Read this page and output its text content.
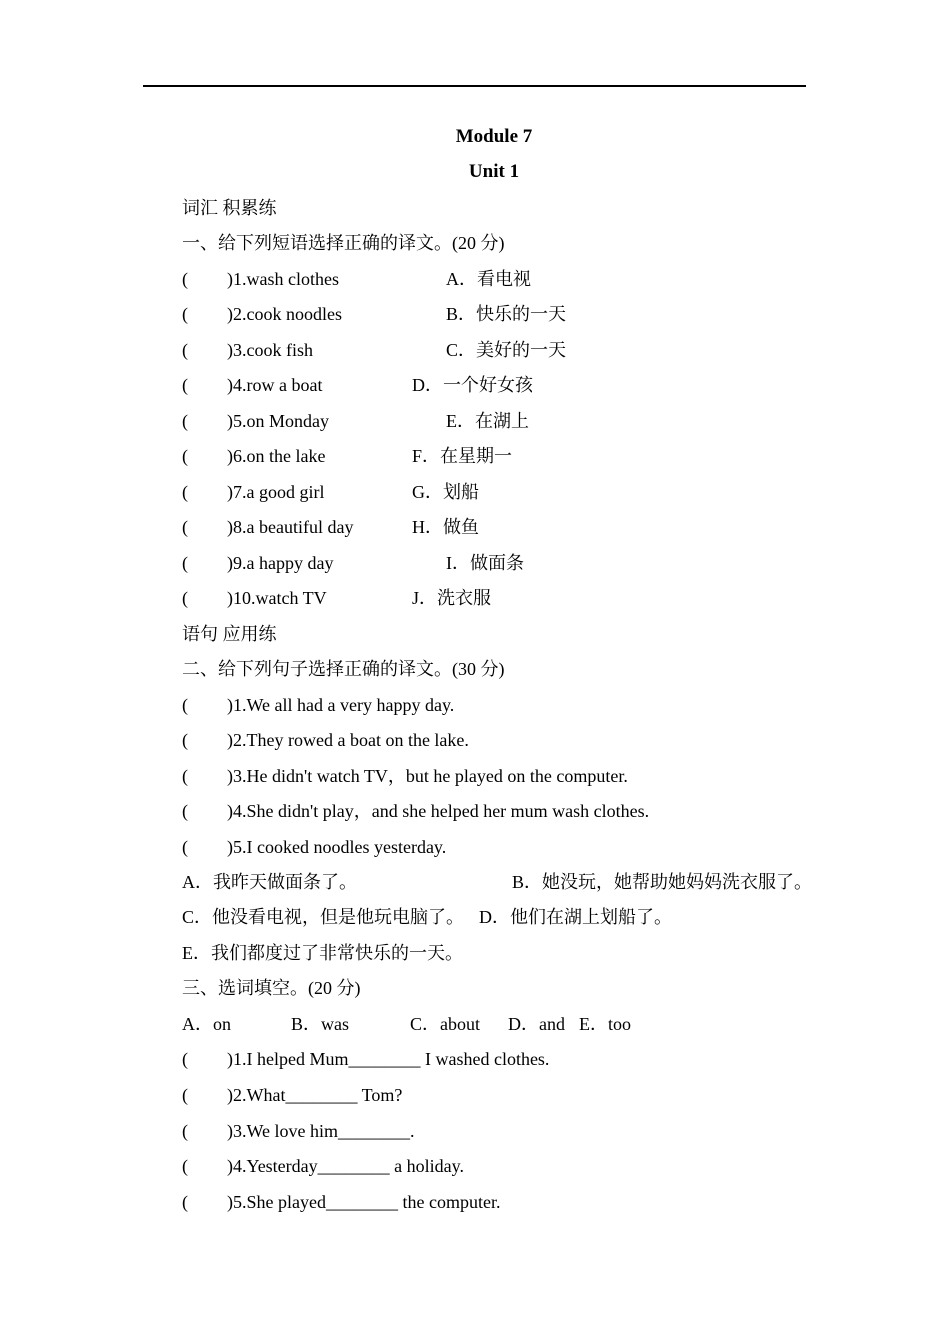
Module 7
Unit 1
词汇 积累练
一、给下列短语选择正确的译文。(20 分)
( )1.wash clothes	A．看电视
( )2.cook noodles	B．快乐的一天
( )3.cook fish	C．美好的一天
( )4.row a boat	D．一个好女孩
( )5.on Monday	E．在湖上
( )6.on the lake	F．在星期一
( )7.a good girl	G．划船
( )8.a beautiful day	H．做鱼
( )9.a happy day	I．做面条
( )10.watch TV	J．洗衣服
语句 应用练
二、给下列句子选择正确的译文。(30 分)
( )1.We all had a very happy day.
( )2.They rowed a boat on the lake.
( )3.He didn't watch TV，but he played on the computer.
( )4.She didn't play，and she helped her mum wash clothes.
( )5.I cooked noodles yesterday.
A．我昨天做面条了。	B．她没玩，她帮助她妈妈洗衣服了。
C．他没看电视，但是他玩电脑了。 D．他们在湖上划船了。
E．我们都度过了非常快乐的一天。
三、选词填空。(20 分)
A．on	B．was	C．about D．and E．too
( )1.I helped Mum________ I washed clothes.
( )2.What________ Tom?
( )3.We love him________.
( )4.Yesterday________ a holiday.
( )5.She played________ the computer.
